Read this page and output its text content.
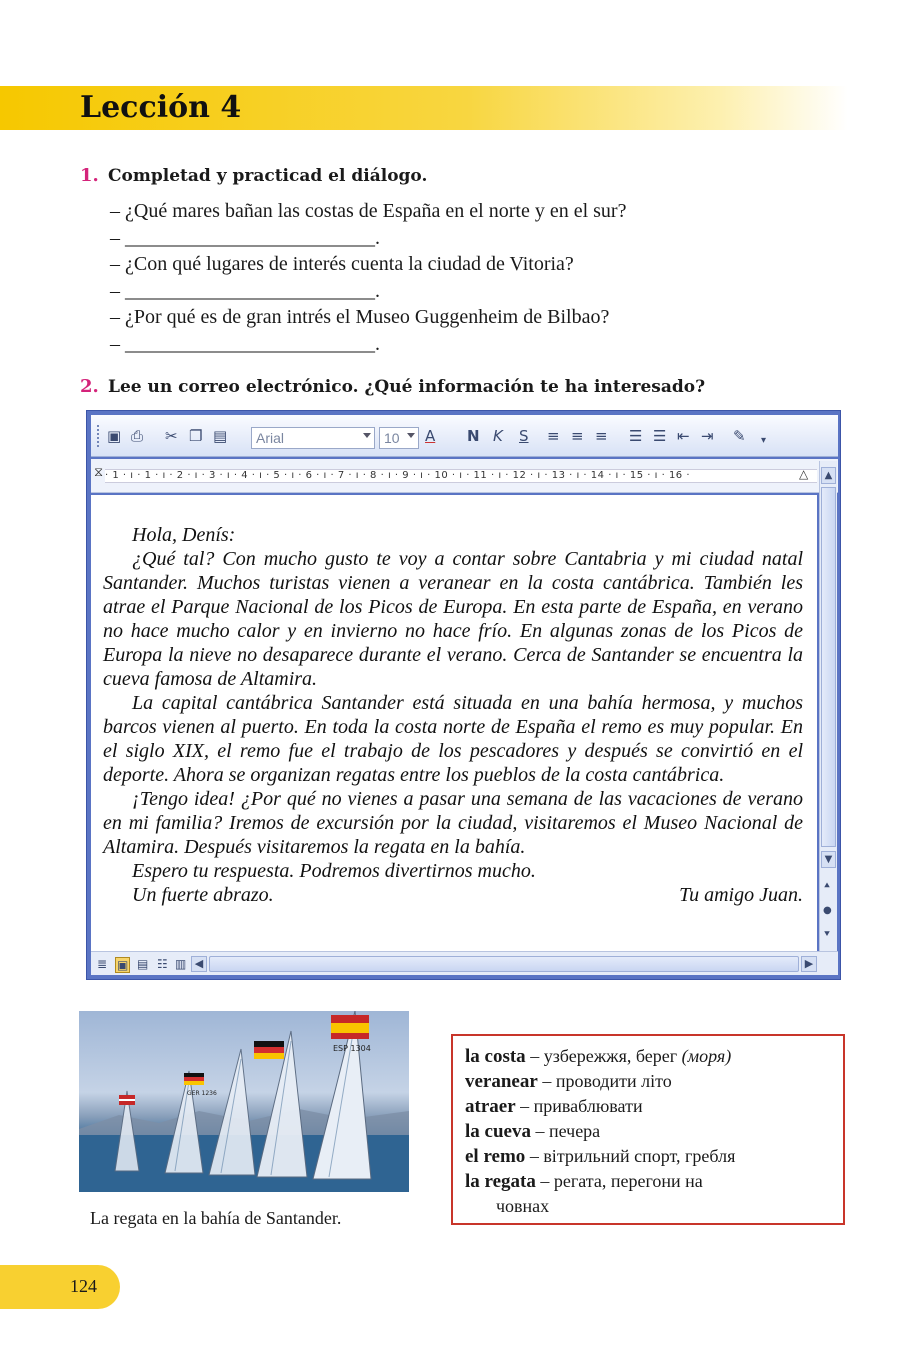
Lección 4
1. Completad y practicad el diálogo.
– ¿Qué mares bañan las costas de España en el norte y en el sur?
– _________________________.
– ¿Con qué lugares de interés cuenta la ciudad de Vitoria?
– _________________________.
– ¿Por qué es de gran intrés el Museo Guggenheim de Bilbao?
– _________________________.
2. Lee un correo electrónico. ¿Qué información te ha interesado?
▣ ⎙ ✂ ❐ ▤	Arial	10	A N K S ≡ ≡ ≡ ☰ ☰ ⇤ ⇥ ✎ ▾
⧖ · 1 · ı · 1 · ı · 2 · ı · 3 · ı · 4 · ı · 5 · ı · 6 · ı · 7 · ı · 8 · ı · 9 · ı · 10 · ı · 11 · ı · 12 · ı · 13 · ı · 14 · ı · 15 · ı · 16 ·	△

Hola, Denís:

¿Qué tal? Con mucho gusto te voy a contar sobre Cantabria y mi ciudad natal Santander. Muchos turistas vienen a veranear en la costa cantábrica. También les atrae el Parque Nacional de los Picos de Europa. En esta parte de España, en verano no hace mucho calor y en invierno no hace frío. En algunas zonas de los Picos de Europa la nieve no desaparece durante el verano. Cerca de Santander se encuentra la cueva famosa de Altamira.

La capital cantábrica Santander está situada en una bahía hermosa, y muchos barcos vienen al puerto. En toda la costa norte de España el remo es muy popular. En el siglo XIX, el remo fue el trabajo de los pescadores y después se convirtió en el deporte. Ahora se organizan regatas entre los pueblos de la costa cantábrica.

¡Tengo idea! ¿Por qué no vienes a pasar una semana de las vacaciones de verano en mi familia? Iremos de excursión por la ciudad, visitaremos el Museo Nacional de Altamira. Después visitaremos la regata en la bahía.

Espero tu respuesta. Podremos divertirnos mucho.

Un fuerte abrazo.	Tu amigo Juan.
▲
▼
⯅
●
⯆
≣ ▣ ▤ ☷ ▥ ◀	▶
ESP 1304
GER 1236
La regata en la bahía de Santander.
la costa – узбережжя, берег (моря)
veranear – проводити літо
atraer – приваблювати
la cueva – печера
el remo – вітрильний спорт, гребля
la regata – регата, перегони на
човнах
124
